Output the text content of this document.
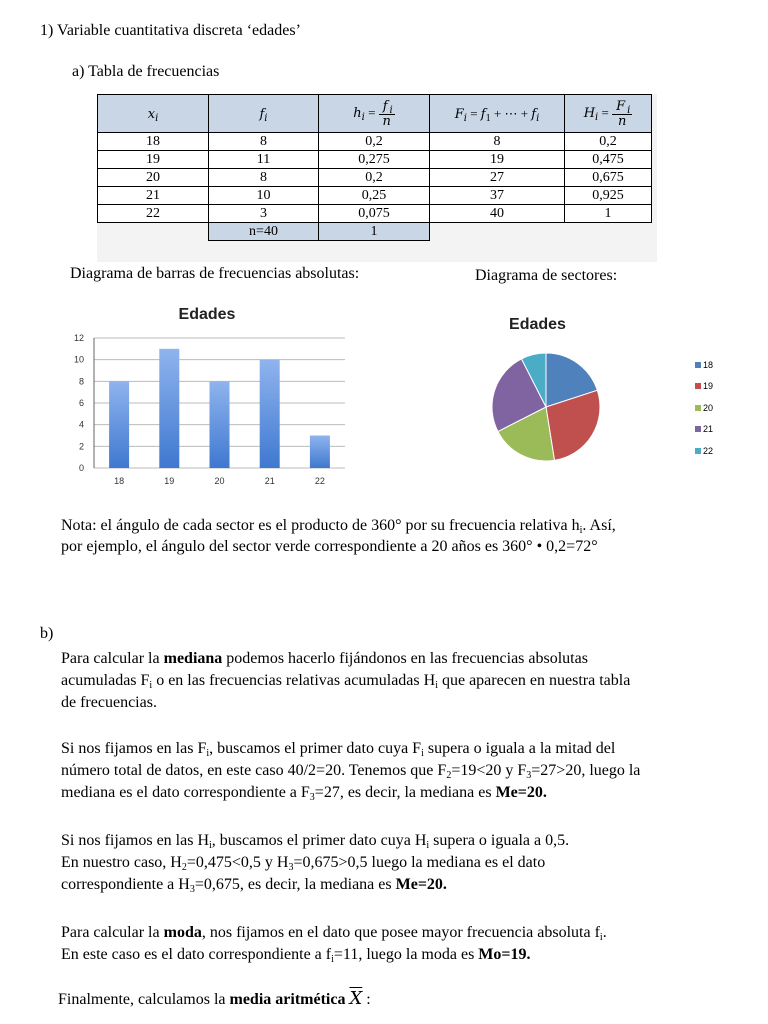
1) Variable cuantitativa discreta ‘edades’
a) Tabla de frecuencias
$x_i$	$f_i$	$h_i = \frac{f _i}{n}$	$F_i = f_1$ + ⋯ + $f_i$	$H_i = \frac{F _i}{n}$

18	8	0,2	8	0,2
19	11	0,275	19	0,475
20	8	0,2	27	0,675
21	10	0,25	37	0,925
22	3	0,075	40	1
	n=40	1		
Diagrama de barras de frecuencias absolutas:	Diagrama de sectores:
Edades
0
2
4
6
8
10
12
18	19	20	21	22
Edades
18
19
20
21
22
Nota: el ángulo de cada sector es el producto de 360° por su frecuencia relativa $h_i$. Así,
por ejemplo, el ángulo del sector verde correspondiente a 20 años es 360° • 0,2=72°
b)
Para calcular la mediana podemos hacerlo fijándonos en las frecuencias absolutas
acumuladas $F_i$ o en las frecuencias relativas acumuladas $H_i$ que aparecen en nuestra tabla
de frecuencias.
Si nos fijamos en las $F_i$, buscamos el primer dato cuya $F_i$ supera o iguala a la mitad del
número total de datos, en este caso 40/2=20. Tenemos que $F_2=19<20$ y $F_3=27>20$, luego la
mediana es el dato correspondiente a $F_3=27$, es decir, la mediana es Me=20.
Si nos fijamos en las $H_i$, buscamos el primer dato cuya $H_i$ supera o iguala a 0,5.
En nuestro caso, $H_2=0,475<0,5$ y $H_3=0,675>0,5$ luego la mediana es el dato
correspondiente a $H_3=0,675$, es decir, la mediana es Me=20.
Para calcular la moda, nos fijamos en el dato que posee mayor frecuencia absoluta $f_i$.
En este caso es el dato correspondiente a $f_i=11$, luego la moda es Mo=19.
Finalmente, calculamos la media aritmética $\overline{X}$ :
